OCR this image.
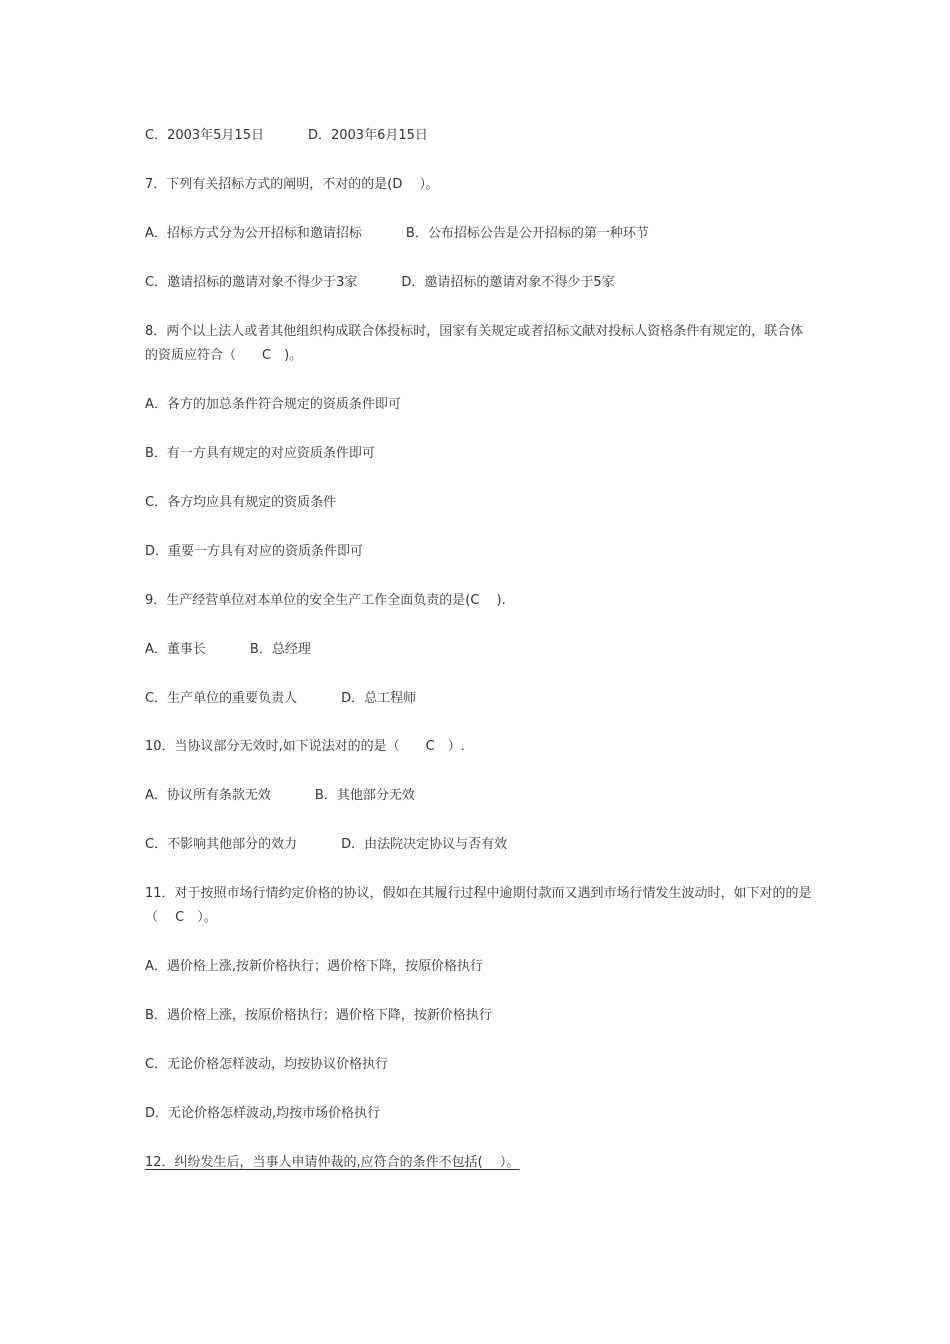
C．2003年5月15日	D．2003年6月15日
7．下列有关招标方式的阐明，不对的的是(D　 ）。
A．招标方式分为公开招标和邀请招标	B．公布招标公告是公开招标的第一种环节
C．邀请招标的邀请对象不得少于3家	D．邀请招标的邀请对象不得少于5家
8．两个以上法人或者其他组织构成联合体投标时，国家有关规定或者招标文献对投标人资格条件有规定的，联合体的资质应符合（　　C　)。
A．各方的加总条件符合规定的资质条件即可
B．有一方具有规定的对应资质条件即可
C．各方均应具有规定的资质条件
D．重要一方具有对应的资质条件即可
9．生产经营单位对本单位的安全生产工作全面负责的是(C　 ).
A．董事长	B．总经理
C．生产单位的重要负责人	D．总工程师
10．当协议部分无效时,如下说法对的的是（　　C　）.
A．协议所有条款无效	B．其他部分无效
C．不影响其他部分的效力	D．由法院决定协议与否有效
11．对于按照市场行情约定价格的协议，假如在其履行过程中逾期付款而又遇到市场行情发生波动时，如下对的的是（　 C　）。
A．遇价格上涨,按新价格执行；遇价格下降，按原价格执行
B．遇价格上涨，按原价格执行；遇价格下降，按新价格执行
C．无论价格怎样波动，均按协议价格执行
D．无论价格怎样波动,均按市场价格执行
12．纠纷发生后，当事人申请仲裁的,应符合的条件不包括(　 ）。
